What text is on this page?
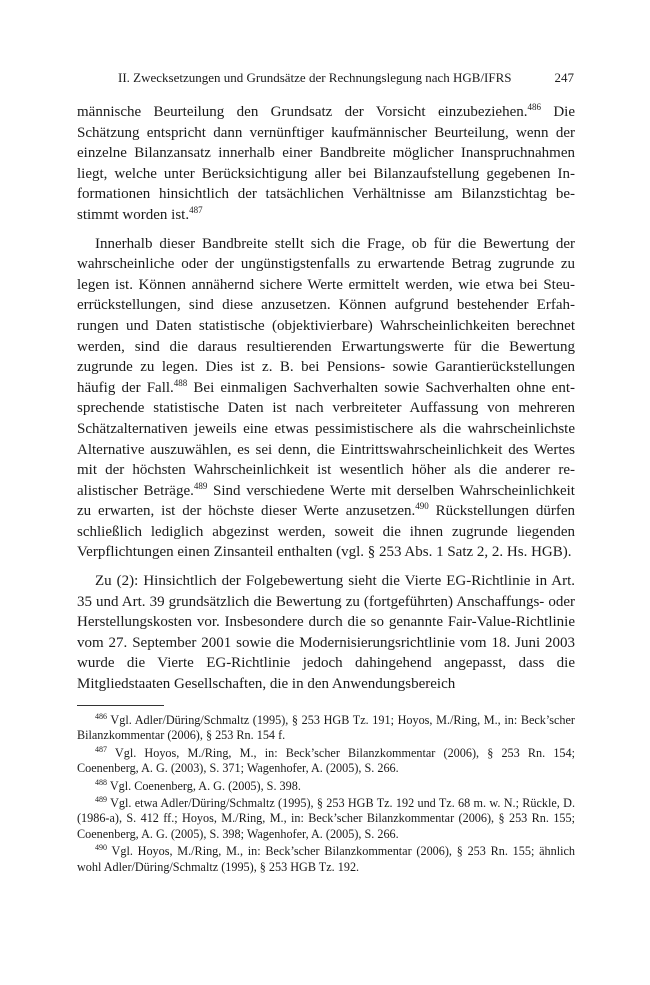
II. Zwecksetzungen und Grundsätze der Rechnungslegung nach HGB/IFRS	247

männische Beurteilung den Grundsatz der Vorsicht einzubeziehen.$^{486}$ Die Schätzung entspricht dann vernünftiger kaufmännischer Beurteilung, wenn der einzelne Bilanzansatz innerhalb einer Bandbreite möglicher Inanspruchnahmen liegt, welche unter Berücksichtigung aller bei Bilanzaufstellung gegebenen Informationen hinsichtlich der tatsächlichen Verhältnisse am Bilanzstichtag bestimmt worden ist.$^{487}$

Innerhalb dieser Bandbreite stellt sich die Frage, ob für die Bewertung der wahrscheinliche oder der ungünstigstenfalls zu erwartende Betrag zugrunde zu legen ist. Können annähernd sichere Werte ermittelt werden, wie etwa bei Steuerrückstellungen, sind diese anzusetzen. Können aufgrund bestehender Erfahrungen und Daten statistische (objektivierbare) Wahrscheinlichkeiten berechnet werden, sind die daraus resultierenden Erwartungswerte für die Bewertung zugrunde zu legen. Dies ist z. B. bei Pensions- sowie Garantierückstellungen häufig der Fall.$^{488}$ Bei einmaligen Sachverhalten sowie Sachverhalten ohne entsprechende statistische Daten ist nach verbreiteter Auffassung von mehreren Schätzalternativen jeweils eine etwas pessimistischere als die wahrscheinlichste Alternative auszuwählen, es sei denn, die Eintrittswahrscheinlichkeit des Wertes mit der höchsten Wahrscheinlichkeit ist wesentlich höher als die anderer realistischer Beträge.$^{489}$ Sind verschiedene Werte mit derselben Wahrscheinlichkeit zu erwarten, ist der höchste dieser Werte anzusetzen.$^{490}$ Rückstellungen dürfen schließlich lediglich abgezinst werden, soweit die ihnen zugrunde liegenden Verpflichtungen einen Zinsanteil enthalten (vgl. § 253 Abs. 1 Satz 2, 2. Hs. HGB).

Zu (2): Hinsichtlich der Folgebewertung sieht die Vierte EG-Richtlinie in Art. 35 und Art. 39 grundsätzlich die Bewertung zu (fortgeführten) Anschaffungs- oder Herstellungskosten vor. Insbesondere durch die so genannte Fair-Value-Richtlinie vom 27. September 2001 sowie die Modernisierungsrichtlinie vom 18. Juni 2003 wurde die Vierte EG-Richtlinie jedoch dahingehend angepasst, dass die Mitgliedstaaten Gesellschaften, die in den Anwendungsbereich

$^{486}$ Vgl. Adler/Düring/Schmaltz (1995), § 253 HGB Tz. 191; Hoyos, M./Ring, M., in: Beck’scher Bilanzkommentar (2006), § 253 Rn. 154 f.

$^{487}$ Vgl. Hoyos, M./Ring, M., in: Beck’scher Bilanzkommentar (2006), § 253 Rn. 154; Coenenberg, A. G. (2003), S. 371; Wagenhofer, A. (2005), S. 266.

$^{488}$ Vgl. Coenenberg, A. G. (2005), S. 398.

$^{489}$ Vgl. etwa Adler/Düring/Schmaltz (1995), § 253 HGB Tz. 192 und Tz. 68 m. w. N.; Rückle, D. (1986-a), S. 412 ff.; Hoyos, M./Ring, M., in: Beck’scher Bilanzkommentar (2006), § 253 Rn. 155; Coenenberg, A. G. (2005), S. 398; Wagenhofer, A. (2005), S. 266.

$^{490}$ Vgl. Hoyos, M./Ring, M., in: Beck’scher Bilanzkommentar (2006), § 253 Rn. 155; ähnlich wohl Adler/Düring/Schmaltz (1995), § 253 HGB Tz. 192.
